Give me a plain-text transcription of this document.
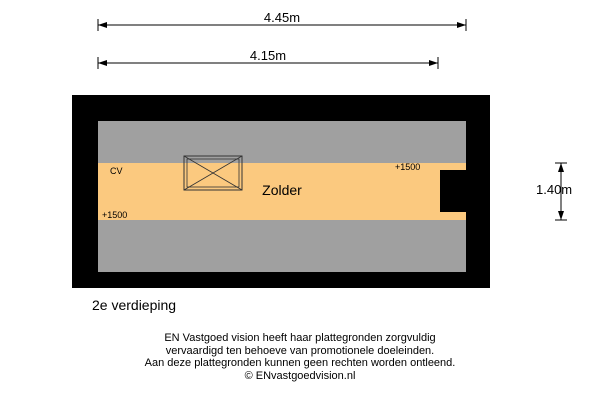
4.45m
4.15m
CV	+1500
+1500
Zolder	1.40m
2e verdieping
EN Vastgoed vision heeft haar plattegronden zorgvuldig
vervaardigd ten behoeve van promotionele doeleinden.
Aan deze plattegronden kunnen geen rechten worden ontleend.
© ENvastgoedvision.nl
